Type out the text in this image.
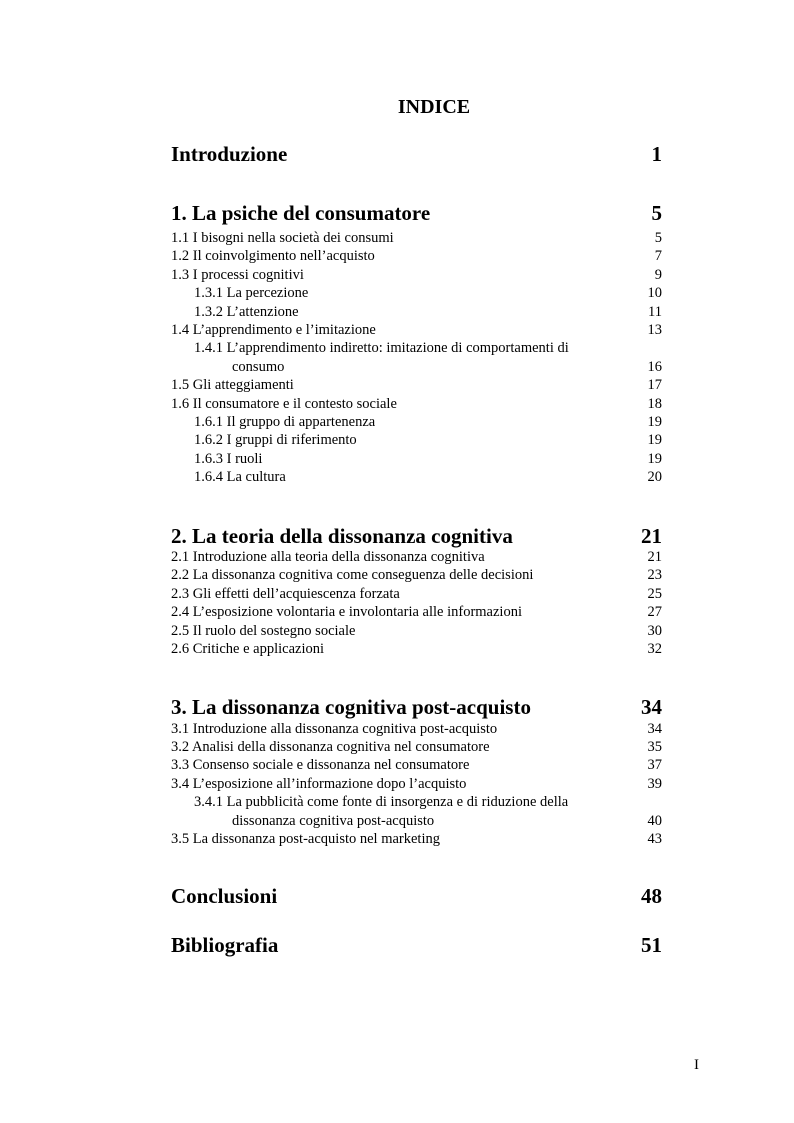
INDICE
Introduzione	1
1. La psiche del consumatore	5
1.1 I bisogni nella società dei consumi	5
1.2 Il coinvolgimento nell’acquisto	7
1.3 I processi cognitivi	9
1.3.1 La percezione	10
1.3.2 L’attenzione	11
1.4 L’apprendimento e l’imitazione	13
1.4.1 L’apprendimento indiretto: imitazione di comportamenti di
consumo	16
1.5 Gli atteggiamenti	17
1.6 Il consumatore e il contesto sociale	18
1.6.1 Il gruppo di appartenenza	19
1.6.2 I gruppi di riferimento	19
1.6.3 I ruoli	19
1.6.4 La cultura	20
2. La teoria della dissonanza cognitiva	21
2.1 Introduzione alla teoria della dissonanza cognitiva	21
2.2 La dissonanza cognitiva come conseguenza delle decisioni	23
2.3 Gli effetti dell’acquiescenza forzata	25
2.4 L’esposizione volontaria e involontaria alle informazioni	27
2.5 Il ruolo del sostegno sociale	30
2.6 Critiche e applicazioni	32
3. La dissonanza cognitiva post-acquisto	34
3.1 Introduzione alla dissonanza cognitiva post-acquisto	34
3.2 Analisi della dissonanza cognitiva nel consumatore	35
3.3 Consenso sociale e dissonanza nel consumatore	37
3.4 L’esposizione all’informazione dopo l’acquisto	39
3.4.1 La pubblicità come fonte di insorgenza e di riduzione della
dissonanza cognitiva post-acquisto	40
3.5 La dissonanza post-acquisto nel marketing	43
Conclusioni	48
Bibliografia	51
I
